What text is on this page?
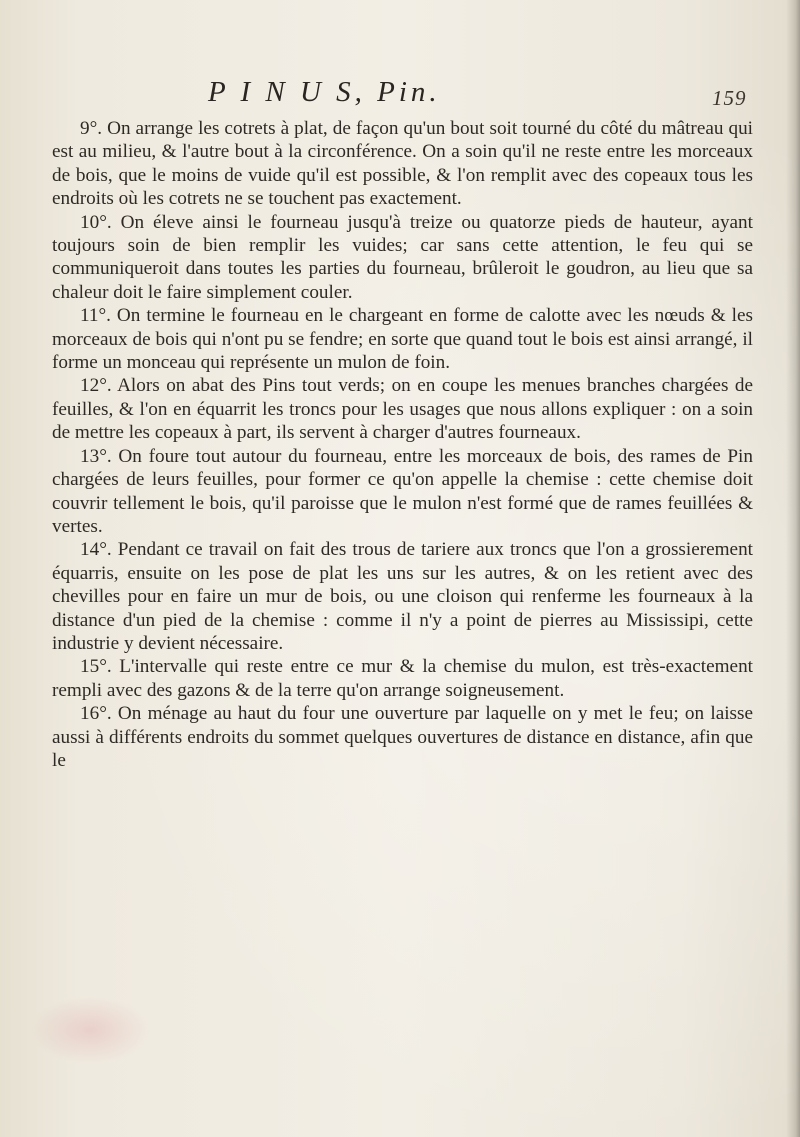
P I N U S, Pin.	159

9°. On arrange les cotrets à plat, de façon qu'un bout soit tourné du côté du mâtreau qui est au milieu, & l'autre bout à la circonférence. On a soin qu'il ne reste entre les morceaux de bois, que le moins de vuide qu'il est possible, & l'on remplit avec des copeaux tous les endroits où les cotrets ne se touchent pas exactement.

10°. On éleve ainsi le fourneau jusqu'à treize ou quatorze pieds de hauteur, ayant toujours soin de bien remplir les vuides; car sans cette attention, le feu qui se communiqueroit dans toutes les parties du fourneau, brûleroit le goudron, au lieu que sa chaleur doit le faire simplement couler.

11°. On termine le fourneau en le chargeant en forme de calotte avec les nœuds & les morceaux de bois qui n'ont pu se fendre; en sorte que quand tout le bois est ainsi arrangé, il forme un monceau qui représente un mulon de foin.

12°. Alors on abat des Pins tout verds; on en coupe les menues branches chargées de feuilles, & l'on en équarrit les troncs pour les usages que nous allons expliquer : on a soin de mettre les copeaux à part, ils servent à charger d'autres fourneaux.

13°. On foure tout autour du fourneau, entre les morceaux de bois, des rames de Pin chargées de leurs feuilles, pour former ce qu'on appelle la chemise : cette chemise doit couvrir tellement le bois, qu'il paroisse que le mulon n'est formé que de rames feuillées & vertes.

14°. Pendant ce travail on fait des trous de tariere aux troncs que l'on a grossierement équarris, ensuite on les pose de plat les uns sur les autres, & on les retient avec des chevilles pour en faire un mur de bois, ou une cloison qui renferme les fourneaux à la distance d'un pied de la chemise : comme il n'y a point de pierres au Mississipi, cette industrie y devient nécessaire.

15°. L'intervalle qui reste entre ce mur & la chemise du mulon, est très-exactement rempli avec des gazons & de la terre qu'on arrange soigneusement.

16°. On ménage au haut du four une ouverture par laquelle on y met le feu; on laisse aussi à différents endroits du sommet quelques ouvertures de distance en distance, afin que le
